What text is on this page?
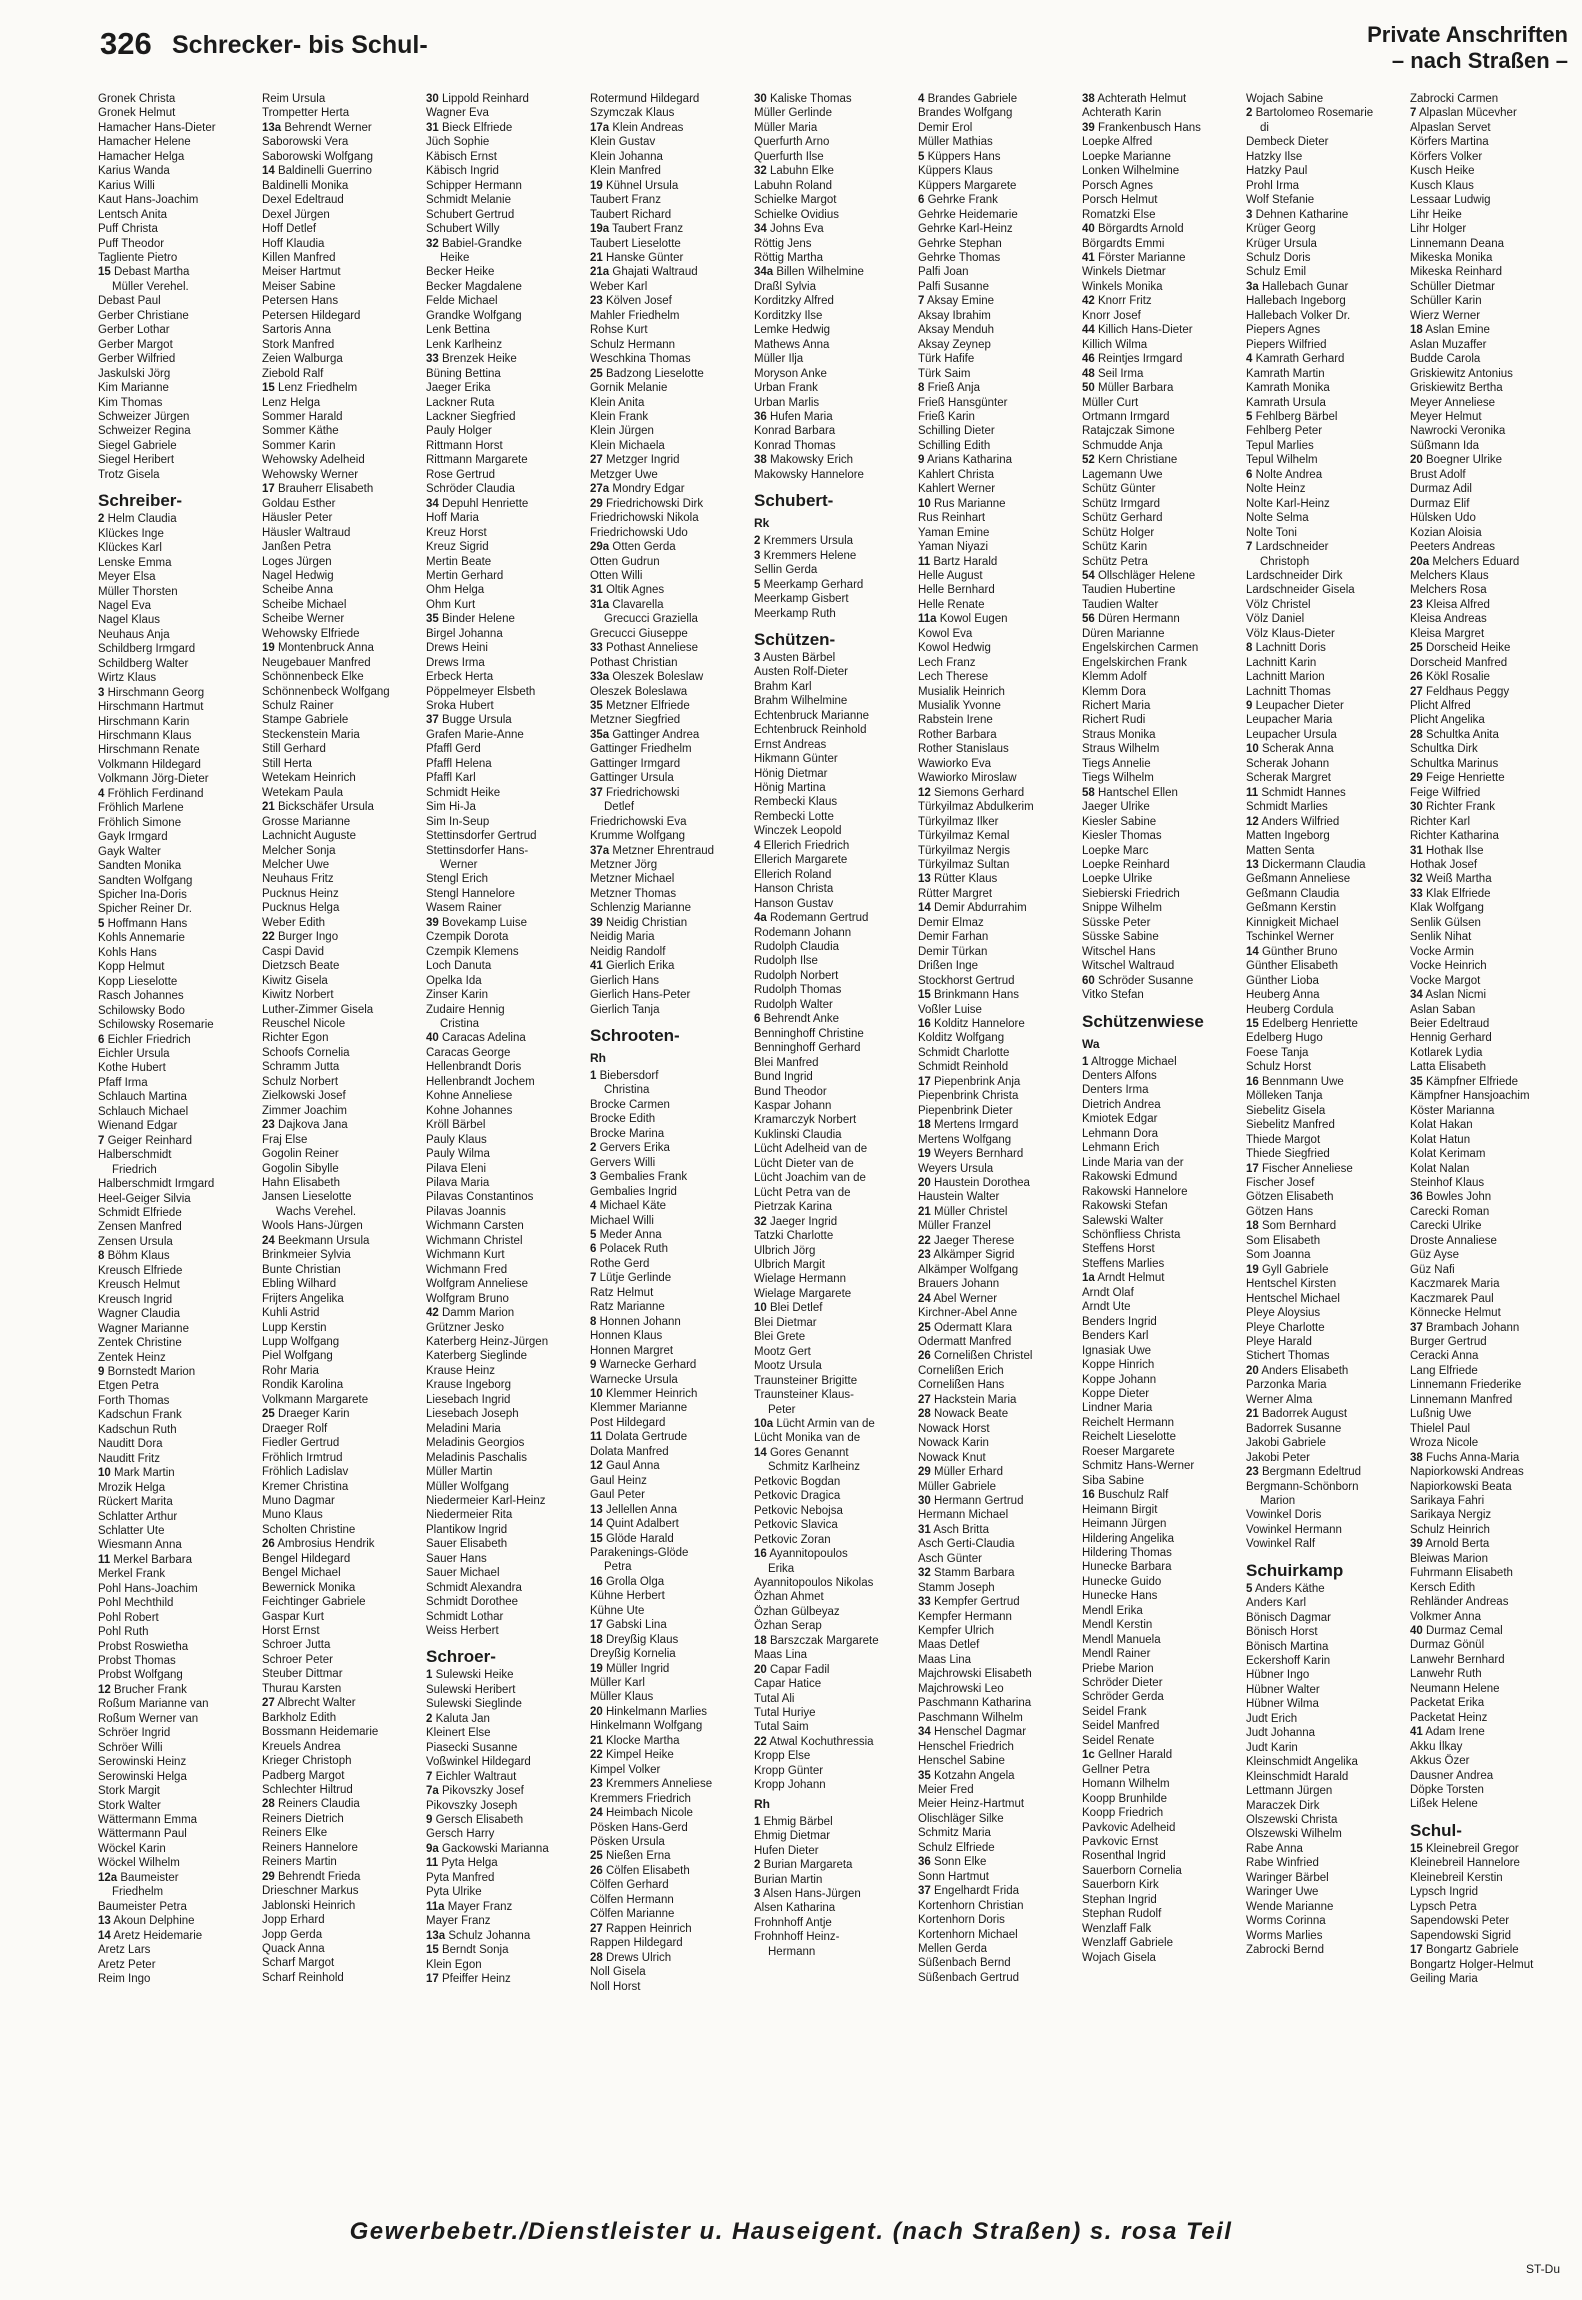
326 Schrecker- bis Schul-	Private Anschriften
– nach Straßen –
Gronek Christa
Gronek Helmut
Hamacher Hans-Dieter
Hamacher Helene
Hamacher Helga
Karius Wanda
Karius Willi
Kaut Hans-Joachim
Lentsch Anita
Puff Christa
Puff Theodor
Tagliente Pietro
15 Debast Martha
Müller Verehel.
Debast Paul
Gerber Christiane
Gerber Lothar
Gerber Margot
Gerber Wilfried
Jaskulski Jörg
Kim Marianne
Kim Thomas
Schweizer Jürgen
Schweizer Regina
Siegel Gabriele
Siegel Heribert
Trotz Gisela
Schreiber-
2 Helm Claudia
Klückes Inge
Klückes Karl
Lenske Emma
Meyer Elsa
Müller Thorsten
Nagel Eva
Nagel Klaus
Neuhaus Anja
Schildberg Irmgard
Schildberg Walter
Wirtz Klaus
3 Hirschmann Georg
Hirschmann Hartmut
Hirschmann Karin
Hirschmann Klaus
Hirschmann Renate
Volkmann Hildegard
Volkmann Jörg-Dieter
4 Fröhlich Ferdinand
Fröhlich Marlene
Fröhlich Simone
Gayk Irmgard
Gayk Walter
Sandten Monika
Sandten Wolfgang
Spicher Ina-Doris
Spicher Reiner Dr.
5 Hoffmann Hans
Kohls Annemarie
Kohls Hans
Kopp Helmut
Kopp Lieselotte
Rasch Johannes
Schilowsky Bodo
Schilowsky Rosemarie
6 Eichler Friedrich
Eichler Ursula
Kothe Hubert
Pfaff Irma
Schlauch Martina
Schlauch Michael
Wienand Edgar
7 Geiger Reinhard
Halberschmidt
Friedrich
Halberschmidt Irmgard
Heel-Geiger Silvia
Schmidt Elfriede
Zensen Manfred
Zensen Ursula
8 Böhm Klaus
Kreusch Elfriede
Kreusch Helmut
Kreusch Ingrid
Wagner Claudia
Wagner Marianne
Zentek Christine
Zentek Heinz
9 Bornstedt Marion
Etgen Petra
Forth Thomas
Kadschun Frank
Kadschun Ruth
Nauditt Dora
Nauditt Fritz
10 Mark Martin
Mrozik Helga
Rückert Marita
Schlatter Arthur
Schlatter Ute
Wiesmann Anna
11 Merkel Barbara
Merkel Frank
Pohl Hans-Joachim
Pohl Mechthild
Pohl Robert
Pohl Ruth
Probst Roswietha
Probst Thomas
Probst Wolfgang
12 Brucher Frank
Roßum Marianne van
Roßum Werner van
Schröer Ingrid
Schröer Willi
Serowinski Heinz
Serowinski Helga
Stork Margit
Stork Walter
Wättermann Emma
Wättermann Paul
Wöckel Karin
Wöckel Wilhelm
12a Baumeister
Friedhelm
Baumeister Petra
13 Akoun Delphine
14 Aretz Heidemarie
Aretz Lars
Aretz Peter
Reim Ingo
Reim Ursula
Trompetter Herta
13a Behrendt Werner
Saborowski Vera
Saborowski Wolfgang
14 Baldinelli Guerrino
Baldinelli Monika
Dexel Edeltraud
Dexel Jürgen
Hoff Detlef
Hoff Klaudia
Killen Manfred
Meiser Hartmut
Meiser Sabine
Petersen Hans
Petersen Hildegard
Sartoris Anna
Stork Manfred
Zeien Walburga
Ziebold Ralf
15 Lenz Friedhelm
Lenz Helga
Sommer Harald
Sommer Käthe
Sommer Karin
Wehowsky Adelheid
Wehowsky Werner
17 Brauherr Elisabeth
Goldau Esther
Häusler Peter
Häusler Waltraud
Janßen Petra
Loges Jürgen
Nagel Hedwig
Scheibe Anna
Scheibe Michael
Scheibe Werner
Wehowsky Elfriede
19 Montenbruck Anna
Neugebauer Manfred
Schönnenbeck Elke
Schönnenbeck Wolfgang
Schulz Rainer
Stampe Gabriele
Steckenstein Maria
Still Gerhard
Still Herta
Wetekam Heinrich
Wetekam Paula
21 Bickschäfer Ursula
Grosse Marianne
Lachnicht Auguste
Melcher Sonja
Melcher Uwe
Neuhaus Fritz
Pucknus Heinz
Pucknus Helga
Weber Edith
22 Burger Ingo
Caspi David
Dietzsch Beate
Kiwitz Gisela
Kiwitz Norbert
Luther-Zimmer Gisela
Reuschel Nicole
Richter Egon
Schoofs Cornelia
Schramm Jutta
Schulz Norbert
Zielkowski Josef
Zimmer Joachim
23 Dajkova Jana
Fraj Else
Gogolin Reiner
Gogolin Sibylle
Hahn Elisabeth
Jansen Lieselotte
Wachs Verehel.
Wools Hans-Jürgen
24 Beekmann Ursula
Brinkmeier Sylvia
Bunte Christian
Ebling Wilhard
Frijters Angelika
Kuhli Astrid
Lupp Kerstin
Lupp Wolfgang
Piel Wolfgang
Rohr Maria
Rondik Karolina
Volkmann Margarete
25 Draeger Karin
Draeger Rolf
Fiedler Gertrud
Fröhlich Irmtrud
Fröhlich Ladislav
Kremer Christina
Muno Dagmar
Muno Klaus
Scholten Christine
26 Ambrosius Hendrik
Bengel Hildegard
Bengel Michael
Bewernick Monika
Feichtinger Gabriele
Gaspar Kurt
Horst Ernst
Schroer Jutta
Schroer Peter
Steuber Dittmar
Thurau Karsten
27 Albrecht Walter
Barkholz Edith
Bossmann Heidemarie
Kreuels Andrea
Krieger Christoph
Padberg Margot
Schlechter Hiltrud
28 Reiners Claudia
Reiners Dietrich
Reiners Elke
Reiners Hannelore
Reiners Martin
29 Behrendt Frieda
Drieschner Markus
Jablonski Heinrich
Jopp Erhard
Jopp Gerda
Quack Anna
Scharf Margot
Scharf Reinhold
30 Lippold Reinhard
Wagner Eva
31 Bieck Elfriede
Jüch Sophie
Käbisch Ernst
Käbisch Ingrid
Schipper Hermann
Schmidt Melanie
Schubert Gertrud
Schubert Willy
32 Babiel-Grandke
Heike
Becker Heike
Becker Magdalene
Felde Michael
Grandke Wolfgang
Lenk Bettina
Lenk Karlheinz
33 Brenzek Heike
Büning Bettina
Jaeger Erika
Lackner Ruta
Lackner Siegfried
Pauly Holger
Rittmann Horst
Rittmann Margarete
Rose Gertrud
Schröder Claudia
34 Depuhl Henriette
Hoff Maria
Kreuz Horst
Kreuz Sigrid
Mertin Beate
Mertin Gerhard
Ohm Helga
Ohm Kurt
35 Binder Helene
Birgel Johanna
Drews Heini
Drews Irma
Erbeck Herta
Pöppelmeyer Elsbeth
Sroka Hubert
37 Bugge Ursula
Grafen Marie-Anne
Pfaffl Gerd
Pfaffl Helena
Pfaffl Karl
Schmidt Heike
Sim Hi-Ja
Sim In-Seup
Stettinsdorfer Gertrud
Stettinsdorfer Hans-
Werner
Stengl Erich
Stengl Hannelore
Wasem Rainer
39 Bovekamp Luise
Czempik Dorota
Czempik Klemens
Loch Danuta
Opelka Ida
Zinser Karin
Zudaire Hennig
Cristina
40 Caracas Adelina
Caracas George
Hellenbrandt Doris
Hellenbrandt Jochem
Kohne Anneliese
Kohne Johannes
Kröll Bärbel
Pauly Klaus
Pauly Wilma
Pilava Eleni
Pilava Maria
Pilavas Constantinos
Pilavas Joannis
Wichmann Carsten
Wichmann Christel
Wichmann Kurt
Wichmann Fred
Wolfgram Anneliese
Wolfgram Bruno
42 Damm Marion
Grützner Jesko
Katerberg Heinz-Jürgen
Katerberg Sieglinde
Krause Heinz
Krause Ingeborg
Liesebach Ingrid
Liesebach Joseph
Meladini Maria
Meladinis Georgios
Meladinis Paschalis
Müller Martin
Müller Wolfgang
Niedermeier Karl-Heinz
Niedermeier Rita
Plantikow Ingrid
Sauer Elisabeth
Sauer Hans
Sauer Michael
Schmidt Alexandra
Schmidt Dorothee
Schmidt Lothar
Weiss Herbert
Schroer-
1 Sulewski Heike
Sulewski Heribert
Sulewski Sieglinde
2 Kaluta Jan
Kleinert Else
Piasecki Susanne
Voßwinkel Hildegard
7 Eichler Waltraut
7a Pikovszky Josef
Pikovszky Joseph
9 Gersch Elisabeth
Gersch Harry
9a Gackowski Marianna
11 Pyta Helga
Pyta Manfred
Pyta Ulrike
11a Mayer Franz
Mayer Franz
13a Schulz Johanna
15 Berndt Sonja
Klein Egon
17 Pfeiffer Heinz
Rotermund Hildegard
Szymczak Klaus
17a Klein Andreas
Klein Gustav
Klein Johanna
Klein Manfred
19 Kühnel Ursula
Taubert Franz
Taubert Richard
19a Taubert Franz
Taubert Lieselotte
21 Hanske Günter
21a Ghajati Waltraud
Weber Karl
23 Kölven Josef
Mahler Friedhelm
Rohse Kurt
Schulz Hermann
Weschkina Thomas
25 Badzong Lieselotte
Gornik Melanie
Klein Anita
Klein Frank
Klein Jürgen
Klein Michaela
27 Metzger Ingrid
Metzger Uwe
27a Mondry Edgar
29 Friedrichowski Dirk
Friedrichowski Nikola
Friedrichowski Udo
29a Otten Gerda
Otten Gudrun
Otten Willi
31 Oltik Agnes
31a Clavarella
Grecucci Graziella
Grecucci Giuseppe
33 Pothast Anneliese
Pothast Christian
33a Oleszek Boleslaw
Oleszek Boleslawa
35 Metzner Elfriede
Metzner Siegfried
35a Gattinger Andrea
Gattinger Friedhelm
Gattinger Irmgard
Gattinger Ursula
37 Friedrichowski
Detlef
Friedrichowski Eva
Krumme Wolfgang
37a Metzner Ehrentraud
Metzner Jörg
Metzner Michael
Metzner Thomas
Schlenzig Marianne
39 Neidig Christian
Neidig Maria
Neidig Randolf
41 Gierlich Erika
Gierlich Hans
Gierlich Hans-Peter
Gierlich Tanja
Schrooten-
Rh
1 Biebersdorf
Christina
Brocke Carmen
Brocke Edith
Brocke Marina
2 Gervers Erika
Gervers Willi
3 Gembalies Frank
Gembalies Ingrid
4 Michael Käte
Michael Willi
5 Meder Anna
6 Polacek Ruth
Rothe Gerd
7 Lütje Gerlinde
Ratz Helmut
Ratz Marianne
8 Honnen Johann
Honnen Klaus
Honnen Margret
9 Warnecke Gerhard
Warnecke Ursula
10 Klemmer Heinrich
Klemmer Marianne
Post Hildegard
11 Dolata Gertrude
Dolata Manfred
12 Gaul Anna
Gaul Heinz
Gaul Peter
13 Jellellen Anna
14 Quint Adalbert
15 Glöde Harald
Parakenings-Glöde
Petra
16 Grolla Olga
Kühne Herbert
Kühne Ute
17 Gabski Lina
18 Dreyßig Klaus
Dreyßig Kornelia
19 Müller Ingrid
Müller Karl
Müller Klaus
20 Hinkelmann Marlies
Hinkelmann Wolfgang
21 Klocke Martha
22 Kimpel Heike
Kimpel Volker
23 Kremmers Anneliese
Kremmers Friedrich
24 Heimbach Nicole
Pösken Hans-Gerd
Pösken Ursula
25 Nießen Erna
26 Cölfen Elisabeth
Cölfen Gerhard
Cölfen Hermann
Cölfen Marianne
27 Rappen Heinrich
Rappen Hildegard
28 Drews Ulrich
Noll Gisela
Noll Horst
30 Kaliske Thomas
Müller Gerlinde
Müller Maria
Querfurth Arno
Querfurth Ilse
32 Labuhn Elke
Labuhn Roland
Schielke Margot
Schielke Ovidius
34 Johns Eva
Röttig Jens
Röttig Martha
34a Billen Wilhelmine
Draßl Sylvia
Korditzky Alfred
Korditzky Ilse
Lemke Hedwig
Mathews Anna
Müller Ilja
Moryson Anke
Urban Frank
Urban Marlis
36 Hufen Maria
Konrad Barbara
Konrad Thomas
38 Makowsky Erich
Makowsky Hannelore
Schubert-
Rk
2 Kremmers Ursula
3 Kremmers Helene
Sellin Gerda
5 Meerkamp Gerhard
Meerkamp Gisbert
Meerkamp Ruth
Schützen-
3 Austen Bärbel
Austen Rolf-Dieter
Brahm Karl
Brahm Wilhelmine
Echtenbruck Marianne
Echtenbruck Reinhold
Ernst Andreas
Hikmann Günter
Hönig Dietmar
Hönig Martina
Rembecki Klaus
Rembecki Lotte
Winczek Leopold
4 Ellerich Friedrich
Ellerich Margarete
Ellerich Roland
Hanson Christa
Hanson Gustav
4a Rodemann Gertrud
Rodemann Johann
Rudolph Claudia
Rudolph Ilse
Rudolph Norbert
Rudolph Thomas
Rudolph Walter
6 Behrendt Anke
Benninghoff Christine
Benninghoff Gerhard
Blei Manfred
Bund Ingrid
Bund Theodor
Kaspar Johann
Kramarczyk Norbert
Kuklinski Claudia
Lücht Adelheid van de
Lücht Dieter van de
Lücht Joachim van de
Lücht Petra van de
Pietrzak Karina
32 Jaeger Ingrid
Tatzki Charlotte
Ulbrich Jörg
Ulbrich Margit
Wielage Hermann
Wielage Margarete
10 Blei Detlef
Blei Dietmar
Blei Grete
Mootz Gert
Mootz Ursula
Traunsteiner Brigitte
Traunsteiner Klaus-
Peter
10a Lücht Armin van de
Lücht Monika van de
14 Gores Genannt
Schmitz Karlheinz
Petkovic Bogdan
Petkovic Dragica
Petkovic Nebojsa
Petkovic Slavica
Petkovic Zoran
16 Ayannitopoulos
Erika
Ayannitopoulos Nikolas
Özhan Ahmet
Özhan Gülbeyaz
Özhan Serap
18 Barszczak Margarete
Maas Lina
20 Capar Fadil
Capar Hatice
Tutal Ali
Tutal Huriye
Tutal Saim
22 Atwal Kochuthressia
Kropp Else
Kropp Günter
Kropp Johann
Rh
1 Ehmig Bärbel
Ehmig Dietmar
Hufen Dieter
2 Burian Margareta
Burian Martin
3 Alsen Hans-Jürgen
Alsen Katharina
Frohnhoff Antje
Frohnhoff Heinz-
Hermann
4 Brandes Gabriele
Brandes Wolfgang
Demir Erol
Müller Mathias
5 Küppers Hans
Küppers Klaus
Küppers Margarete
6 Gehrke Frank
Gehrke Heidemarie
Gehrke Karl-Heinz
Gehrke Stephan
Gehrke Thomas
Palfi Joan
Palfi Susanne
7 Aksay Emine
Aksay Ibrahim
Aksay Menduh
Aksay Zeynep
Türk Hafife
Türk Saim
8 Frieß Anja
Frieß Hansgünter
Frieß Karin
Schilling Dieter
Schilling Edith
9 Arians Katharina
Kahlert Christa
Kahlert Werner
10 Rus Marianne
Rus Reinhart
Yaman Emine
Yaman Niyazi
11 Bartz Harald
Helle August
Helle Bernhard
Helle Renate
11a Kowol Eugen
Kowol Eva
Kowol Hedwig
Lech Franz
Lech Therese
Musialik Heinrich
Musialik Yvonne
Rabstein Irene
Rother Barbara
Rother Stanislaus
Wawiorko Eva
Wawiorko Miroslaw
12 Siemons Gerhard
Türkyilmaz Abdulkerim
Türkyilmaz Ilker
Türkyilmaz Kemal
Türkyilmaz Nergis
Türkyilmaz Sultan
13 Rütter Klaus
Rütter Margret
14 Demir Abdurrahim
Demir Elmaz
Demir Farhan
Demir Türkan
Drißen Inge
Stockhorst Gertrud
15 Brinkmann Hans
Voßler Luise
16 Kolditz Hannelore
Kolditz Wolfgang
Schmidt Charlotte
Schmidt Reinhold
17 Piepenbrink Anja
Piepenbrink Christa
Piepenbrink Dieter
18 Mertens Irmgard
Mertens Wolfgang
19 Weyers Bernhard
Weyers Ursula
20 Haustein Dorothea
Haustein Walter
21 Müller Christel
Müller Franzel
22 Jaeger Therese
23 Alkämper Sigrid
Alkämper Wolfgang
Brauers Johann
24 Abel Werner
Kirchner-Abel Anne
25 Odermatt Klara
Odermatt Manfred
26 Cornelißen Christel
Cornelißen Erich
Cornelißen Hans
27 Hackstein Maria
28 Nowack Beate
Nowack Horst
Nowack Karin
Nowack Knut
29 Müller Erhard
Müller Gabriele
30 Hermann Gertrud
Hermann Michael
31 Asch Britta
Asch Gerti-Claudia
Asch Günter
32 Stamm Barbara
Stamm Joseph
33 Kempfer Gertrud
Kempfer Hermann
Kempfer Ulrich
Maas Detlef
Maas Lina
Majchrowski Elisabeth
Majchrowski Leo
Paschmann Katharina
Paschmann Wilhelm
34 Henschel Dagmar
Henschel Friedrich
Henschel Sabine
35 Kotzahn Angela
Meier Fred
Meier Heinz-Hartmut
Olischläger Silke
Schmitz Maria
Schulz Elfriede
36 Sonn Elke
Sonn Hartmut
37 Engelhardt Frida
Kortenhorn Christian
Kortenhorn Doris
Kortenhorn Michael
Mellen Gerda
Süßenbach Bernd
Süßenbach Gertrud
38 Achterath Helmut
Achterath Karin
39 Frankenbusch Hans
Loepke Alfred
Loepke Marianne
Lonken Wilhelmine
Porsch Agnes
Porsch Helmut
Romatzki Else
40 Börgardts Arnold
Börgardts Emmi
41 Förster Marianne
Winkels Dietmar
Winkels Monika
42 Knorr Fritz
Knorr Josef
44 Killich Hans-Dieter
Killich Wilma
46 Reintjes Irmgard
48 Seil Irma
50 Müller Barbara
Müller Curt
Ortmann Irmgard
Ratajczak Simone
Schmudde Anja
52 Kern Christiane
Lagemann Uwe
Schütz Günter
Schütz Irmgard
Schütz Gerhard
Schütz Holger
Schütz Karin
Schütz Petra
54 Ollschläger Helene
Taudien Hubertine
Taudien Walter
56 Düren Hermann
Düren Marianne
Engelskirchen Carmen
Engelskirchen Frank
Klemm Adolf
Klemm Dora
Richert Maria
Richert Rudi
Straus Monika
Straus Wilhelm
Tiegs Annelie
Tiegs Wilhelm
58 Hantschel Ellen
Jaeger Ulrike
Kiesler Sabine
Kiesler Thomas
Loepke Marc
Loepke Reinhard
Loepke Ulrike
Siebierski Friedrich
Snippe Wilhelm
Süsske Peter
Süsske Sabine
Witschel Hans
Witschel Waltraud
60 Schröder Susanne
Vitko Stefan
Schützenwiese
Wa
1 Altrogge Michael
Denters Alfons
Denters Irma
Dietrich Andrea
Kmiotek Edgar
Lehmann Dora
Lehmann Erich
Linde Maria van der
Rakowski Edmund
Rakowski Hannelore
Rakowski Stefan
Salewski Walter
Schönfliess Christa
Steffens Horst
Steffens Marlies
1a Arndt Helmut
Arndt Olaf
Arndt Ute
Benders Ingrid
Benders Karl
Ignasiak Uwe
Koppe Hinrich
Koppe Johann
Koppe Dieter
Lindner Maria
Reichelt Hermann
Reichelt Lieselotte
Roeser Margarete
Schmitz Hans-Werner
Siba Sabine
16 Buschulz Ralf
Heimann Birgit
Heimann Jürgen
Hildering Angelika
Hildering Thomas
Hunecke Barbara
Hunecke Guido
Hunecke Hans
Mendl Erika
Mendl Kerstin
Mendl Manuela
Mendl Rainer
Priebe Marion
Schröder Dieter
Schröder Gerda
Seidel Frank
Seidel Manfred
Seidel Renate
1c Gellner Harald
Gellner Petra
Homann Wilhelm
Koopp Brunhilde
Koopp Friedrich
Pavkovic Adelheid
Pavkovic Ernst
Rosenthal Ingrid
Sauerborn Cornelia
Sauerborn Kirk
Stephan Ingrid
Stephan Rudolf
Wenzlaff Falk
Wenzlaff Gabriele
Wojach Gisela
Wojach Sabine
2 Bartolomeo Rosemarie
di
Dembeck Dieter
Hatzky Ilse
Hatzky Paul
Prohl Irma
Wolf Stefanie
3 Dehnen Katharine
Krüger Georg
Krüger Ursula
Schulz Doris
Schulz Emil
3a Hallebach Gunar
Hallebach Ingeborg
Hallebach Volker Dr.
Piepers Agnes
Piepers Wilfried
4 Kamrath Gerhard
Kamrath Martin
Kamrath Monika
Kamrath Ursula
5 Fehlberg Bärbel
Fehlberg Peter
Tepul Marlies
Tepul Wilhelm
6 Nolte Andrea
Nolte Heinz
Nolte Karl-Heinz
Nolte Selma
Nolte Toni
7 Lardschneider
Christoph
Lardschneider Dirk
Lardschneider Gisela
Völz Christel
Völz Daniel
Völz Klaus-Dieter
8 Lachnitt Doris
Lachnitt Karin
Lachnitt Marion
Lachnitt Thomas
9 Leupacher Dieter
Leupacher Maria
Leupacher Ursula
10 Scherak Anna
Scherak Johann
Scherak Margret
11 Schmidt Hannes
Schmidt Marlies
12 Anders Wilfried
Matten Ingeborg
Matten Senta
13 Dickermann Claudia
Geßmann Anneliese
Geßmann Claudia
Geßmann Kerstin
Kinnigkeit Michael
Tschinkel Werner
14 Günther Bruno
Günther Elisabeth
Günther Lioba
Heuberg Anna
Heuberg Cordula
15 Edelberg Henriette
Edelberg Hugo
Foese Tanja
Schulz Horst
16 Bennmann Uwe
Mölleken Tanja
Siebelitz Gisela
Siebelitz Manfred
Thiede Margot
Thiede Siegfried
17 Fischer Anneliese
Fischer Josef
Götzen Elisabeth
Götzen Hans
18 Som Bernhard
Som Elisabeth
Som Joanna
19 Gyll Gabriele
Hentschel Kirsten
Hentschel Michael
Pleye Aloysius
Pleye Charlotte
Pleye Harald
Stichert Thomas
20 Anders Elisabeth
Parzonka Maria
Werner Alma
21 Badorrek August
Badorrek Susanne
Jakobi Gabriele
Jakobi Peter
23 Bergmann Edeltrud
Bergmann-Schönborn
Marion
Vowinkel Doris
Vowinkel Hermann
Vowinkel Ralf
Schuirkamp
5 Anders Käthe
Anders Karl
Bönisch Dagmar
Bönisch Horst
Bönisch Martina
Eckershoff Karin
Hübner Ingo
Hübner Walter
Hübner Wilma
Judt Erich
Judt Johanna
Judt Karin
Kleinschmidt Angelika
Kleinschmidt Harald
Lettmann Jürgen
Maraczek Dirk
Olszewski Christa
Olszewski Wilhelm
Rabe Anna
Rabe Winfried
Waringer Bärbel
Waringer Uwe
Wende Marianne
Worms Corinna
Worms Marlies
Zabrocki Bernd
Zabrocki Carmen
7 Alpaslan Mücevher
Alpaslan Servet
Körfers Martina
Körfers Volker
Kusch Heike
Kusch Klaus
Lessaar Ludwig
Lihr Heike
Lihr Holger
Linnemann Deana
Mikeska Monika
Mikeska Reinhard
Schüller Dietmar
Schüller Karin
Wierz Werner
18 Aslan Emine
Aslan Muzaffer
Budde Carola
Griskiewitz Antonius
Griskiewitz Bertha
Meyer Anneliese
Meyer Helmut
Nawrocki Veronika
Süßmann Ida
20 Boegner Ulrike
Brust Adolf
Durmaz Adil
Durmaz Elif
Hülsken Udo
Kozian Aloisia
Peeters Andreas
20a Melchers Eduard
Melchers Klaus
Melchers Rosa
23 Kleisa Alfred
Kleisa Andreas
Kleisa Margret
25 Dorscheid Heike
Dorscheid Manfred
26 Kökl Rosalie
27 Feldhaus Peggy
Plicht Alfred
Plicht Angelika
28 Schultka Anita
Schultka Dirk
Schultka Marinus
29 Feige Henriette
Feige Wilfried
30 Richter Frank
Richter Karl
Richter Katharina
31 Hothak Ilse
Hothak Josef
32 Weiß Martha
33 Klak Elfriede
Klak Wolfgang
Senlik Gülsen
Senlik Nihat
Vocke Armin
Vocke Heinrich
Vocke Margot
34 Aslan Nicmi
Aslan Saban
Beier Edeltraud
Hennig Gerhard
Kotlarek Lydia
Latta Elisabeth
35 Kämpfner Elfriede
Kämpfner Hansjoachim
Köster Marianna
Kolat Hakan
Kolat Hatun
Kolat Kerimam
Kolat Nalan
Steinhof Klaus
36 Bowles John
Carecki Roman
Carecki Ulrike
Droste Annaliese
Güz Ayse
Güz Nafi
Kaczmarek Maria
Kaczmarek Paul
Könnecke Helmut
37 Brambach Johann
Burger Gertrud
Ceracki Anna
Lang Elfriede
Linnemann Friederike
Linnemann Manfred
Lußnig Uwe
Thielel Paul
Wroza Nicole
38 Fuchs Anna-Maria
Napiorkowski Andreas
Napiorkowski Beata
Sarikaya Fahri
Sarikaya Nergiz
Schulz Heinrich
39 Arnold Berta
Bleiwas Marion
Fuhrmann Elisabeth
Kersch Edith
Rehländer Andreas
Volkmer Anna
40 Durmaz Cemal
Durmaz Gönül
Lanwehr Bernhard
Lanwehr Ruth
Neumann Helene
Packetat Erika
Packetat Heinz
41 Adam Irene
Akku İlkay
Akkus Özer
Dausner Andrea
Döpke Torsten
Lißek Helene
Schul-
15 Kleinebreil Gregor
Kleinebreil Hannelore
Kleinebreil Kerstin
Lypsch Ingrid
Lypsch Petra
Sapendowski Peter
Sapendowski Sigrid
17 Bongartz Gabriele
Bongartz Holger-Helmut
Geiling Maria
Gewerbebetr./Dienstleister u. Hauseigent. (nach Straßen) s. rosa Teil
ST-Du
